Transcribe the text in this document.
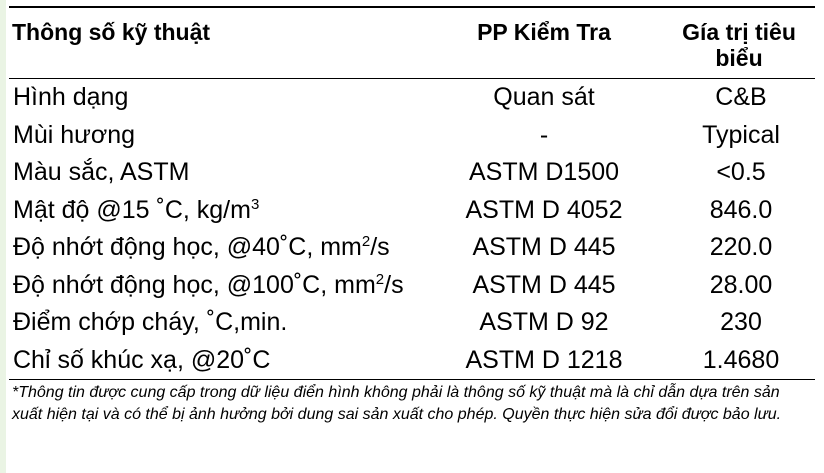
Thông số kỹ thuật	PP Kiểm Tra	Gía trị tiêu biểu
Hình dạng	Quan sát	C&B
Mùi hương	-	Typical
Màu sắc, ASTM	ASTM D1500	<0.5
Mật độ @15 ˚C, $kg/m^3$	ASTM D 4052	846.0
Độ nhớt động học, @40˚C, $mm^2/s$	ASTM D 445	220.0
Độ nhớt động học, @100˚C, $mm^2/s$	ASTM D 445	28.00
Điểm chớp cháy, ˚C,min.	ASTM D 92	230
Chỉ số khúc xạ, @20˚C	ASTM D 1218	1.4680
*Thông tin được cung cấp trong dữ liệu điển hình không phải là thông số kỹ thuật mà là chỉ dẫn dựa trên sản xuất hiện tại và có thể bị ảnh hưởng bởi dung sai sản xuất cho phép. Quyền thực hiện sửa đổi được bảo lưu.
